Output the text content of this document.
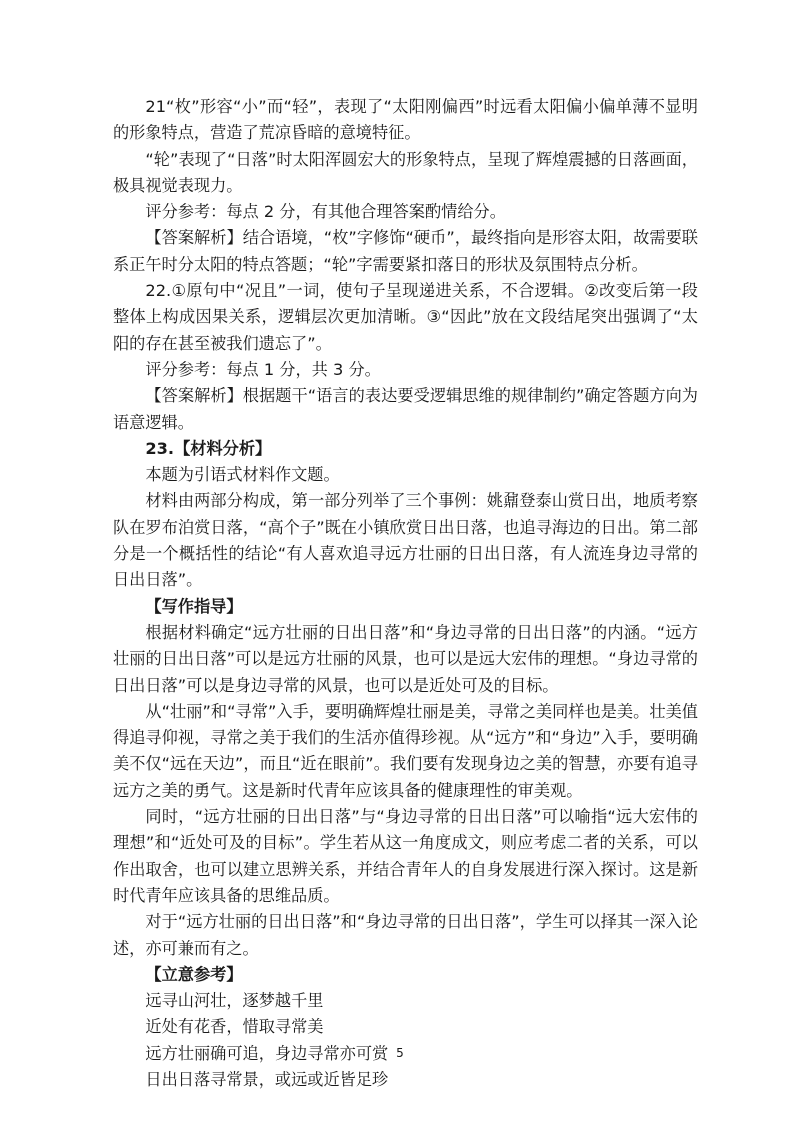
21“枚”形容“小”而“轻”，表现了“太阳刚偏西”时远看太阳偏小偏单薄不显明的形象特点，营造了荒凉昏暗的意境特征。

“轮”表现了“日落”时太阳浑圆宏大的形象特点，呈现了辉煌震撼的日落画面，极具视觉表现力。

评分参考：每点 2 分，有其他合理答案酌情给分。

【答案解析】结合语境，“枚”字修饰“硬币”，最终指向是形容太阳，故需要联系正午时分太阳的特点答题；“轮”字需要紧扣落日的形状及氛围特点分析。

22.①原句中“况且”一词，使句子呈现递进关系，不合逻辑。②改变后第一段整体上构成因果关系，逻辑层次更加清晰。③“因此”放在文段结尾突出强调了“太阳的存在甚至被我们遗忘了”。

评分参考：每点 1 分，共 3 分。

【答案解析】根据题干“语言的表达要受逻辑思维的规律制约”确定答题方向为语意逻辑。

23.【材料分析】

本题为引语式材料作文题。

材料由两部分构成，第一部分列举了三个事例：姚鼐登泰山赏日出，地质考察队在罗布泊赏日落，“高个子”既在小镇欣赏日出日落，也追寻海边的日出。第二部分是一个概括性的结论“有人喜欢追寻远方壮丽的日出日落，有人流连身边寻常的日出日落”。

【写作指导】

根据材料确定“远方壮丽的日出日落”和“身边寻常的日出日落”的内涵。“远方壮丽的日出日落”可以是远方壮丽的风景，也可以是远大宏伟的理想。“身边寻常的日出日落”可以是身边寻常的风景，也可以是近处可及的目标。

从“壮丽”和“寻常”入手，要明确辉煌壮丽是美，寻常之美同样也是美。壮美值得追寻仰视，寻常之美于我们的生活亦值得珍视。从“远方”和“身边”入手，要明确美不仅“远在天边”，而且“近在眼前”。我们要有发现身边之美的智慧，亦要有追寻远方之美的勇气。这是新时代青年应该具备的健康理性的审美观。

同时，“远方壮丽的日出日落”与“身边寻常的日出日落”可以喻指“远大宏伟的理想”和“近处可及的目标”。学生若从这一角度成文，则应考虑二者的关系，可以作出取舍，也可以建立思辨关系，并结合青年人的自身发展进行深入探讨。这是新时代青年应该具备的思维品质。

对于“远方壮丽的日出日落”和“身边寻常的日出日落”，学生可以择其一深入论述，亦可兼而有之。

【立意参考】

远寻山河壮，逐梦越千里

近处有花香，惜取寻常美

远方壮丽确可追，身边寻常亦可赏

日出日落寻常景，或远或近皆足珍

5
